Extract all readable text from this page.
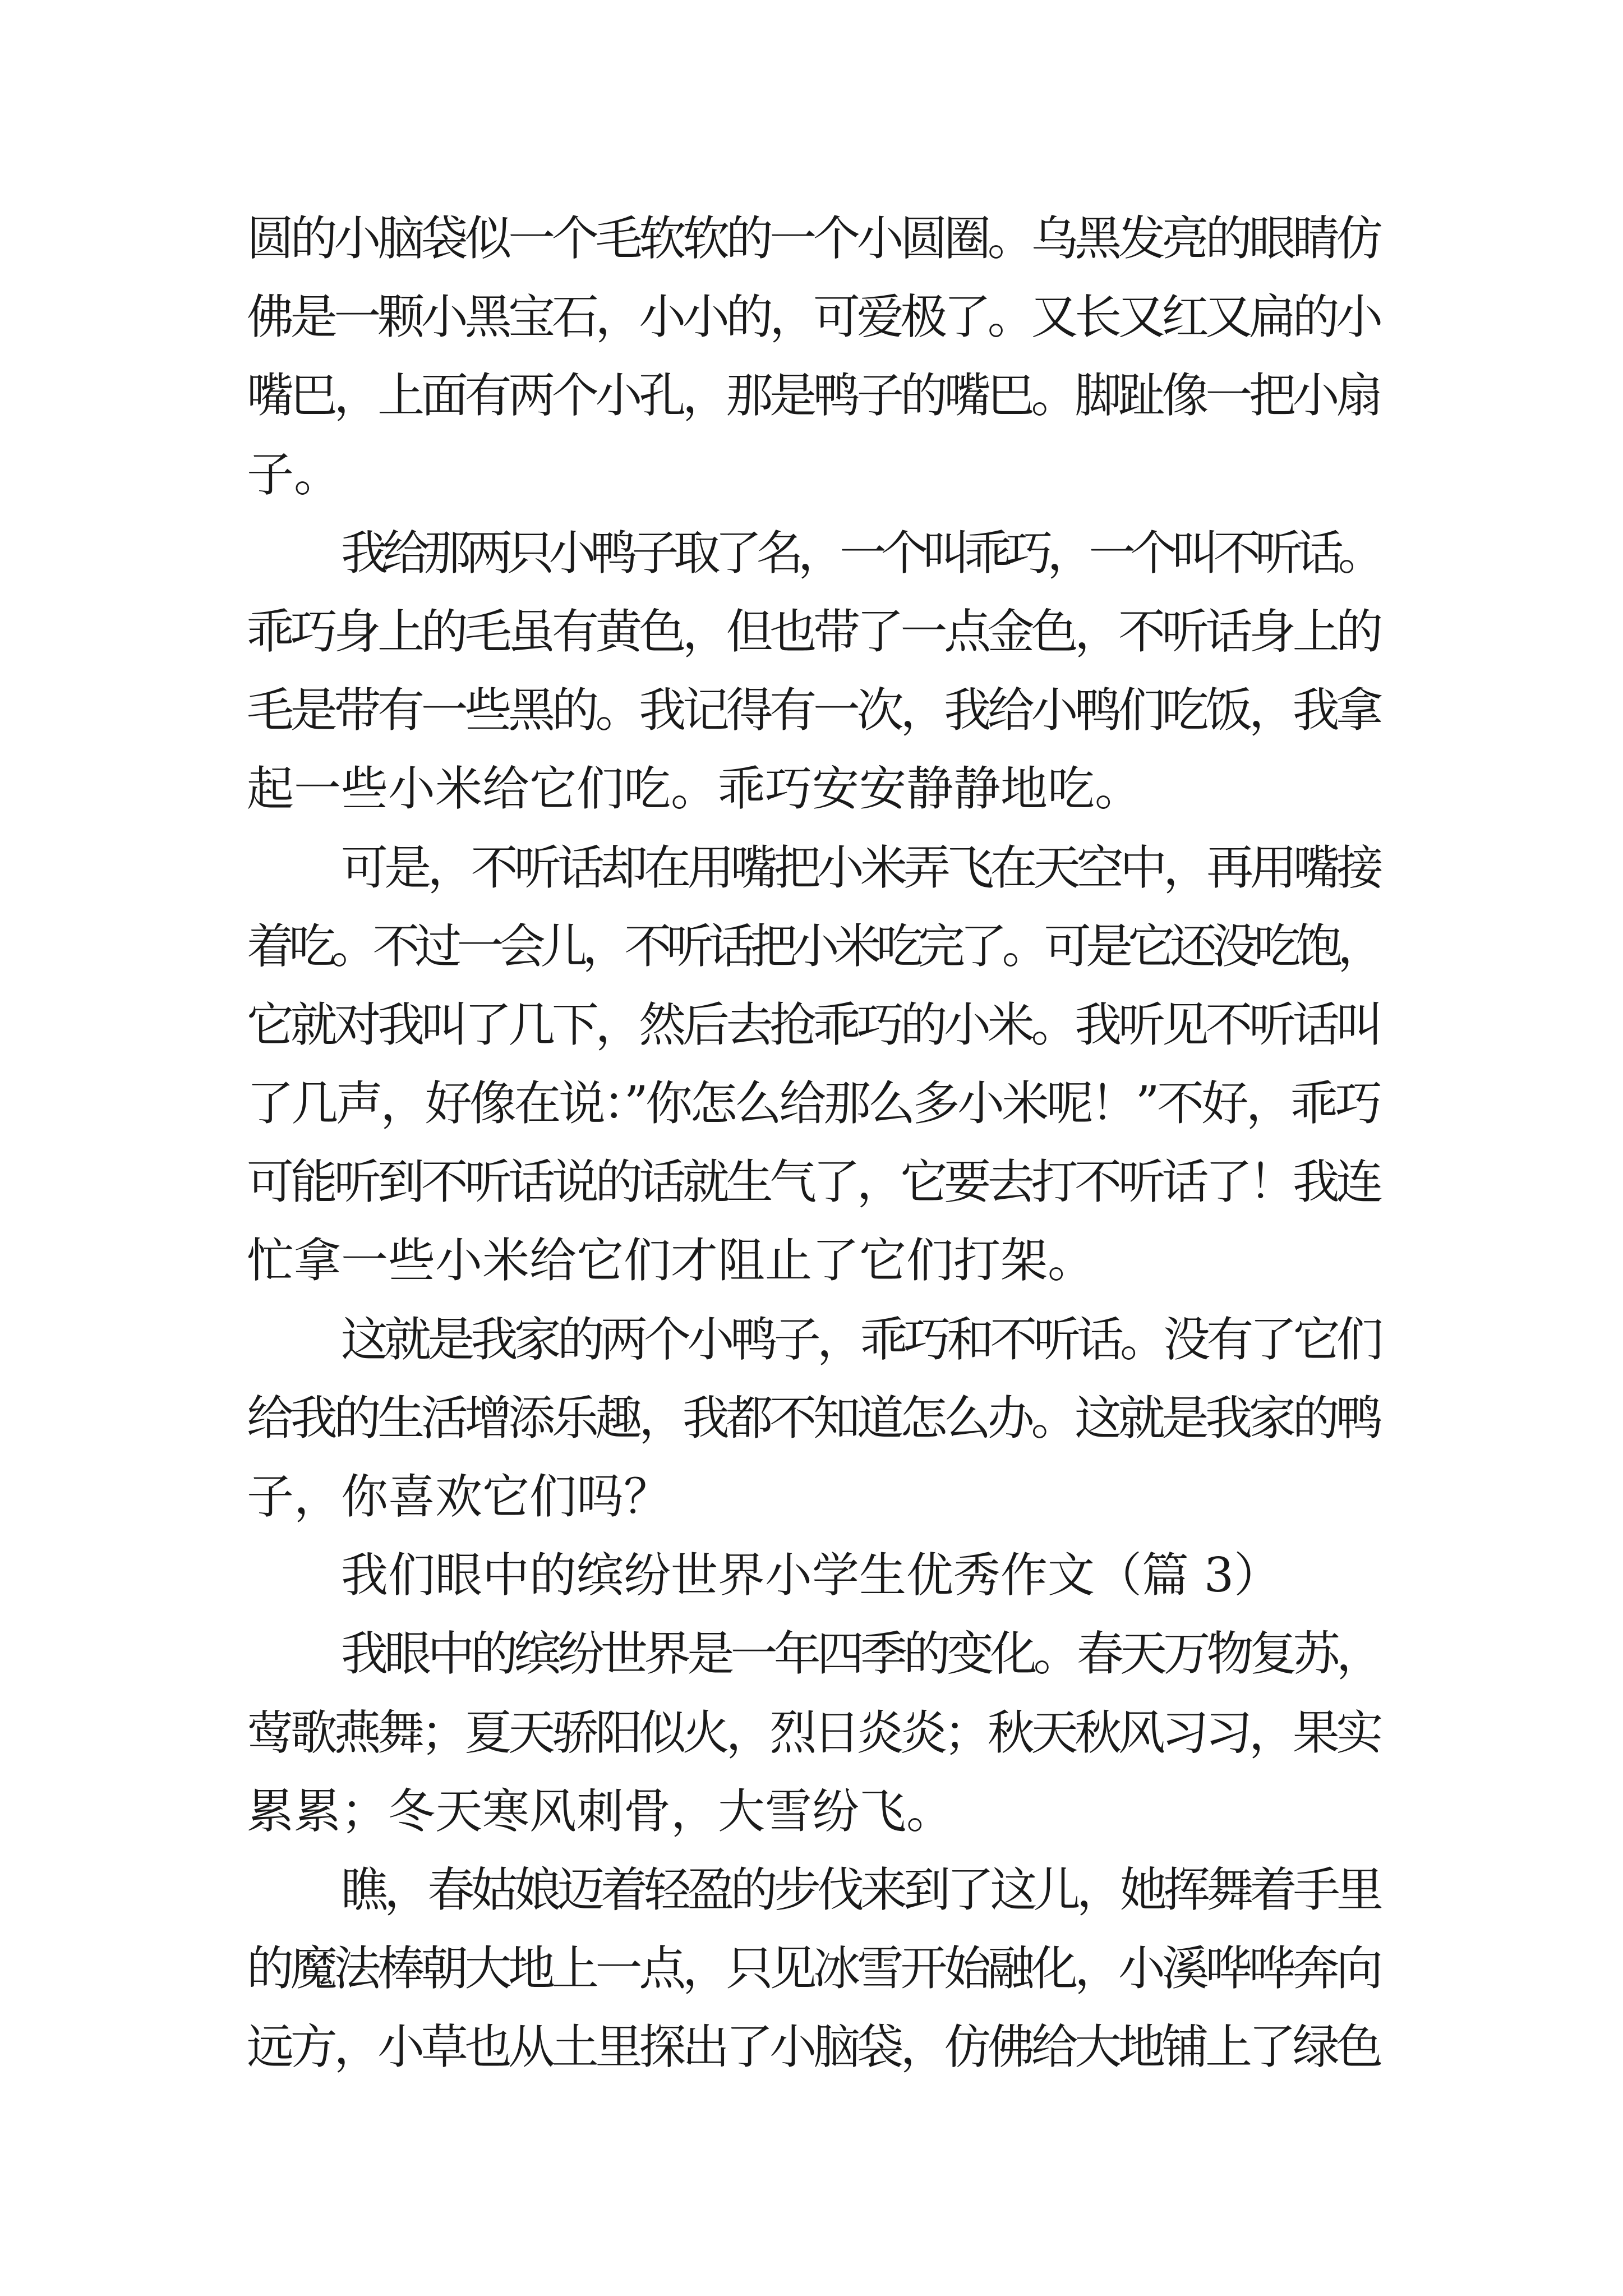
圆的小脑袋似一个毛软软的一个小圆圈。乌黑发亮的眼睛仿
佛是一颗小黑宝石，小小的，可爱极了。又长又红又扁的小
嘴巴，上面有两个小孔，那是鸭子的嘴巴。脚趾像一把小扇
子。
我给那两只小鸭子取了名，一个叫乖巧，一个叫不听话。
乖巧身上的毛虽有黄色，但也带了一点金色，不听话身上的
毛是带有一些黑的。我记得有一次，我给小鸭们吃饭，我拿
起一些小米给它们吃。乖巧安安静静地吃。
可是，不听话却在用嘴把小米弄飞在天空中，再用嘴接
着吃。不过一会儿，不听话把小米吃完了。可是它还没吃饱，
它就对我叫了几下，然后去抢乖巧的小米。我听见不听话叫
了几声，好像在说：”你怎么给那么多小米呢！”不好，乖巧
可能听到不听话说的话就生气了，它要去打不听话了！我连
忙拿一些小米给它们才阻止了它们打架。
这就是我家的两个小鸭子，乖巧和不听话。没有了它们
给我的生活增添乐趣，我都不知道怎么办。这就是我家的鸭
子，你喜欢它们吗？
我们眼中的缤纷世界小学生优秀作文（篇 3）
我眼中的缤纷世界是一年四季的变化。春天万物复苏，
莺歌燕舞；夏天骄阳似火，烈日炎炎；秋天秋风习习，果实
累累；冬天寒风刺骨，大雪纷飞。
瞧，春姑娘迈着轻盈的步伐来到了这儿，她挥舞着手里
的魔法棒朝大地上一点，只见冰雪开始融化，小溪哗哗奔向
远方，小草也从土里探出了小脑袋，仿佛给大地铺上了绿色
